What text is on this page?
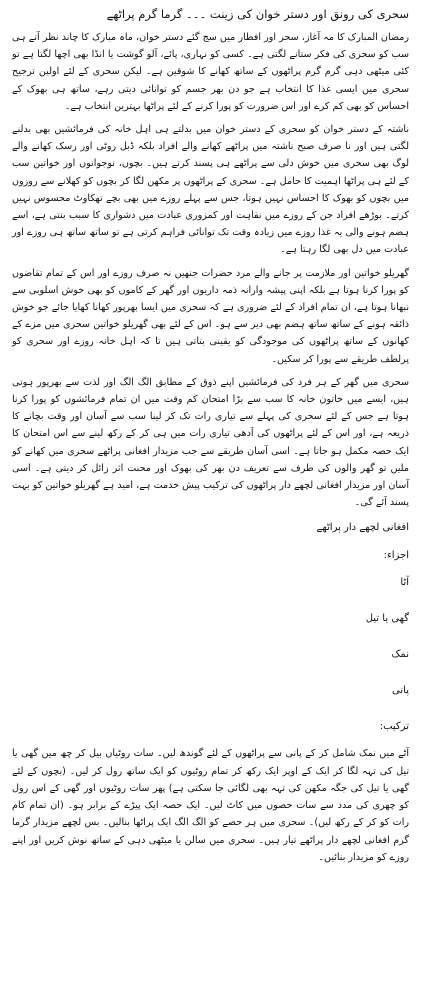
سحری کی رونق اور دستر خوان کی زینت ۔۔۔ گرما گرم پراٹھے

رمضان المبارک کا مہ آغاز، سحر اور افطار میں سج گئے دستر خوان، ماہ مبارک کا چاند نظر آتے ہی سب کو سحری کی فکر ستانے لگتی ہے۔ کسی کو نہاری، پائے، آلو گوشت یا انڈا بھی اچھا لگتا ہے تو کئی میٹھی دہی گرم گرم پراٹھوں کے ساتھ کھانے کا شوقین ہے۔ لیکن سحری کے لئے اولین ترجیح سحری میں ایسی غذا کا انتخاب ہے جو دن بھر جسم کو توانائی دیتی رہے، ساتھ ہی بھوک کے احساس کو بھی کم کرے اور اس ضرورت کو پورا کرنے کے لئے پراٹھا بہترین انتخاب ہے۔

ناشتہ کے دستر خوان کو سحری کے دستر خوان میں بدلتے ہی اہل خانہ کی فرمائشیں بھی بدلنے لگتی ہیں اور نا صرف صبح ناشتہ میں پراٹھے کھانے والے افراد بلکہ ڈبل روٹی اور رسک کھانے والے لوگ بھی سحری میں خوش دلی سے پراٹھے ہی پسند کرتے ہیں۔ بچوں، نوجوانوں اور خواتین سب کے لئے ہی پراٹھا اہمیت کا حامل ہے۔ سحری کے پراٹھوں پر مکھن لگا کر بچوں کو کھلانے سے روزوں میں بچوں کو بھوک کا احساس نہیں ہوتا، جس سے پہلے روزے میں بھی بچے تھکاوٹ محسوس نہیں کرتے۔ بوڑھے افراد جن کے روزے میں نقاہت اور کمزوری عبادت میں دشواری کا سبب بنتی ہے، اسے ہضم ہونے والی یہ غذا روزے میں زیادہ وقت تک توانائی فراہم کرتی ہے تو ساتھ ساتھ ہی روزے اور عبادت میں دل بھی لگا رہتا ہے۔

گھریلو خواتین اور ملازمت پر جانے والے مرد حضرات جنھیں نہ صرف روزے اور اس کے تمام تقاضوں کو پورا کرنا ہوتا ہے بلکہ اپنی پیشہ وارانہ ذمہ داریوں اور گھر کے کاموں کو بھی خوش اسلوبی سے نبھانا ہوتا ہے، ان تمام افراد کے لئے ضروری ہے کہ سحری میں ایسا بھرپور کھانا کھایا جائے جو خوش ذائقہ ہونے کے ساتھ ساتھ ہضم بھی دیر سے ہو۔ اس کے لئے بھی گھریلو خواتین سحری میں مزے کے کھانوں کے ساتھ پراٹھوں کی موجودگی کو یقینی بناتی ہیں تا کہ اہل خانہ روزے اور سحری کو پرلطف طریقے سے پورا کر سکیں۔

سحری میں گھر کے ہر فرد کی فرمائشیں اپنے ذوق کے مطابق الگ الگ اور لذت سے بھرپور ہوتی ہیں، ایسے میں خاتون خانہ کا سب سے بڑا امتحان کم وقت میں ان تمام فرمائشوں کو پورا کرنا ہوتا ہے جس کے لئے سحری کی پہلے سے تیاری رات تک کر لینا سب سے آسان اور وقت بچانے کا ذریعہ ہے، اور اس کے لئے پراٹھوں کی آدھی تیاری رات میں ہی کر کے رکھ لینے سے اس امتحان کا ایک حصہ مکمل ہو جاتا ہے۔ اسی آسان طریقے سے جب مزیدار افغانی پراٹھے سحری میں کھانے کو ملیں تو گھر والوں کی طرف سے تعریف دن بھر کی بھوک اور محنت اثر زائل کر دیتی ہے۔ اسی آسان اور مزیدار افغانی لچھے دار پراٹھوں کی ترکیب پیش خدمت ہے، امید ہے گھریلو خواتین کو بہت پسند آئے گی۔

افغانی لچھے دار پراٹھے
اجزاء:
آٹا
گھی یا تیل
نمک
پانی
ترکیب:

آٹے میں نمک شامل کر کے پانی سے پراٹھوں کے لئے گوندھ لیں۔ سات روٹیاں بیل کر چھ میں گھی یا تیل کی تہہ لگا کر ایک کے اوپر ایک رکھ کر تمام روٹیوں کو ایک ساتھ رول کر لیں۔ (بچوں کے لئے گھی یا تیل کی جگہ مکھن کی تہہ بھی لگائی جا سکتی ہے) پھر سات روٹیوں اور گھی کے اس رول کو چھری کی مدد سے سات حصوں میں کاٹ لیں۔ ایک حصہ ایک پیڑے کے برابر ہو۔ (ان تمام کام رات کو کر کے رکھ لیں)۔ سحری میں ہر حصے کو الگ الگ ایک پراٹھا بنالیں۔ بس لچھے مزیدار گرما گرم افغانی لچھے دار پراٹھے تیار ہیں۔ سحری میں سالن یا میٹھی دہی کے ساتھ نوش کریں اور اپنے روزے کو مزیدار بنائیں۔
